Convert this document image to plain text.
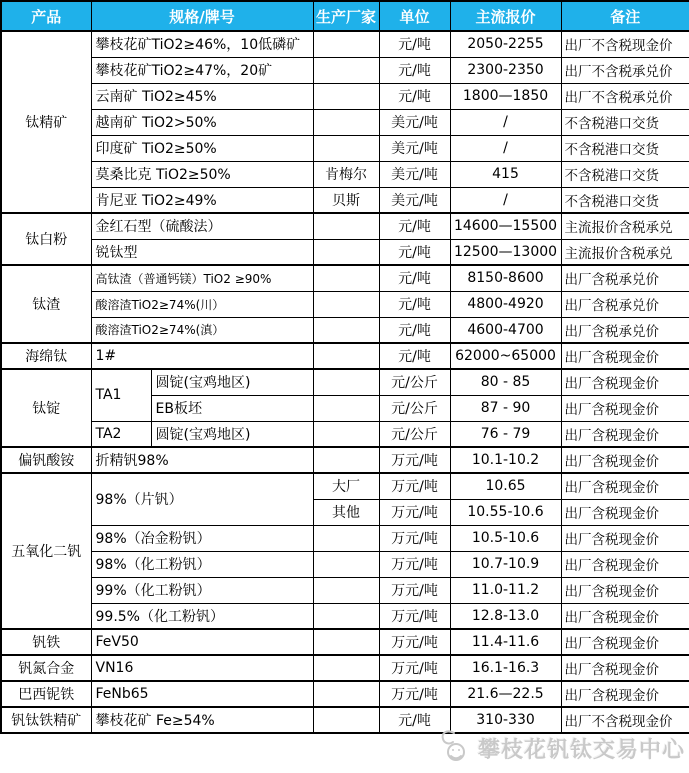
产品	规格/牌号		生产厂家	单位	主流报价	备注
钛精矿	攀枝花矿TiO2≥46%，10低磷矿			元/吨	2050-2255	出厂不含税现金价
	攀枝花矿TiO2≥47%，20矿			元/吨	2300-2350	出厂不含税承兑价
	云南矿 TiO2≥45%			元/吨	1800—1850	出厂不含税承兑价
	越南矿 TiO2>50%			美元/吨	/	不含税港口交货
	印度矿 TiO2≥50%			美元/吨	/	不含税港口交货
	莫桑比克 TiO2≥50%		肯梅尔	美元/吨	415	不含税港口交货
	肯尼亚 TiO2≥49%		贝斯	美元/吨	/	不含税港口交货
钛白粉	金红石型（硫酸法）			元/吨	14600—15500	主流报价含税承兑
	锐钛型			元/吨	12500—13000	主流报价含税承兑
钛渣	高钛渣（普通钙镁）TiO2 ≥90%			元/吨	8150-8600	出厂含税承兑价
	酸溶渣TiO2≥74%(川）			元/吨	4800-4920	出厂含税承兑价
	酸溶渣TiO2≥74%(滇）			元/吨	4600-4700	出厂含税承兑价
海绵钛	1#			元/吨	62000~65000	出厂含税现金价
钛锭	TA1	圆锭(宝鸡地区)		元/公斤	80 - 85	出厂含税现金价
		EB板坯		元/公斤	87 - 90	出厂含税现金价
	TA2	圆锭(宝鸡地区)		元/公斤	76 - 79	出厂含税现金价
偏钒酸铵	折精钒98%			万元/吨	10.1-10.2	出厂含税现金价
五氧化二钒	98%（片钒）		大厂	万元/吨	10.65	出厂含税现金价
			其他	万元/吨	10.55-10.6	出厂含税现金价
	98%（冶金粉钒）			万元/吨	10.5-10.6	出厂含税现金价
	98%（化工粉钒）			万元/吨	10.7-10.9	出厂含税现金价
	99%（化工粉钒）			万元/吨	11.0-11.2	出厂含税现金价
	99.5%（化工粉钒）			万元/吨	12.8-13.0	出厂含税现金价
钒铁	FeV50			万元/吨	11.4-11.6	出厂含税现金价
钒氮合金	VN16			万元/吨	16.1-16.3	出厂含税现金价
巴西铌铁	FeNb65			万元/吨	21.6—22.5	出厂含税现金价
钒钛铁精矿	攀枝花矿 Fe≥54%			元/吨	310-330	出厂不含税现金价
攀枝花钒钛交易中心
